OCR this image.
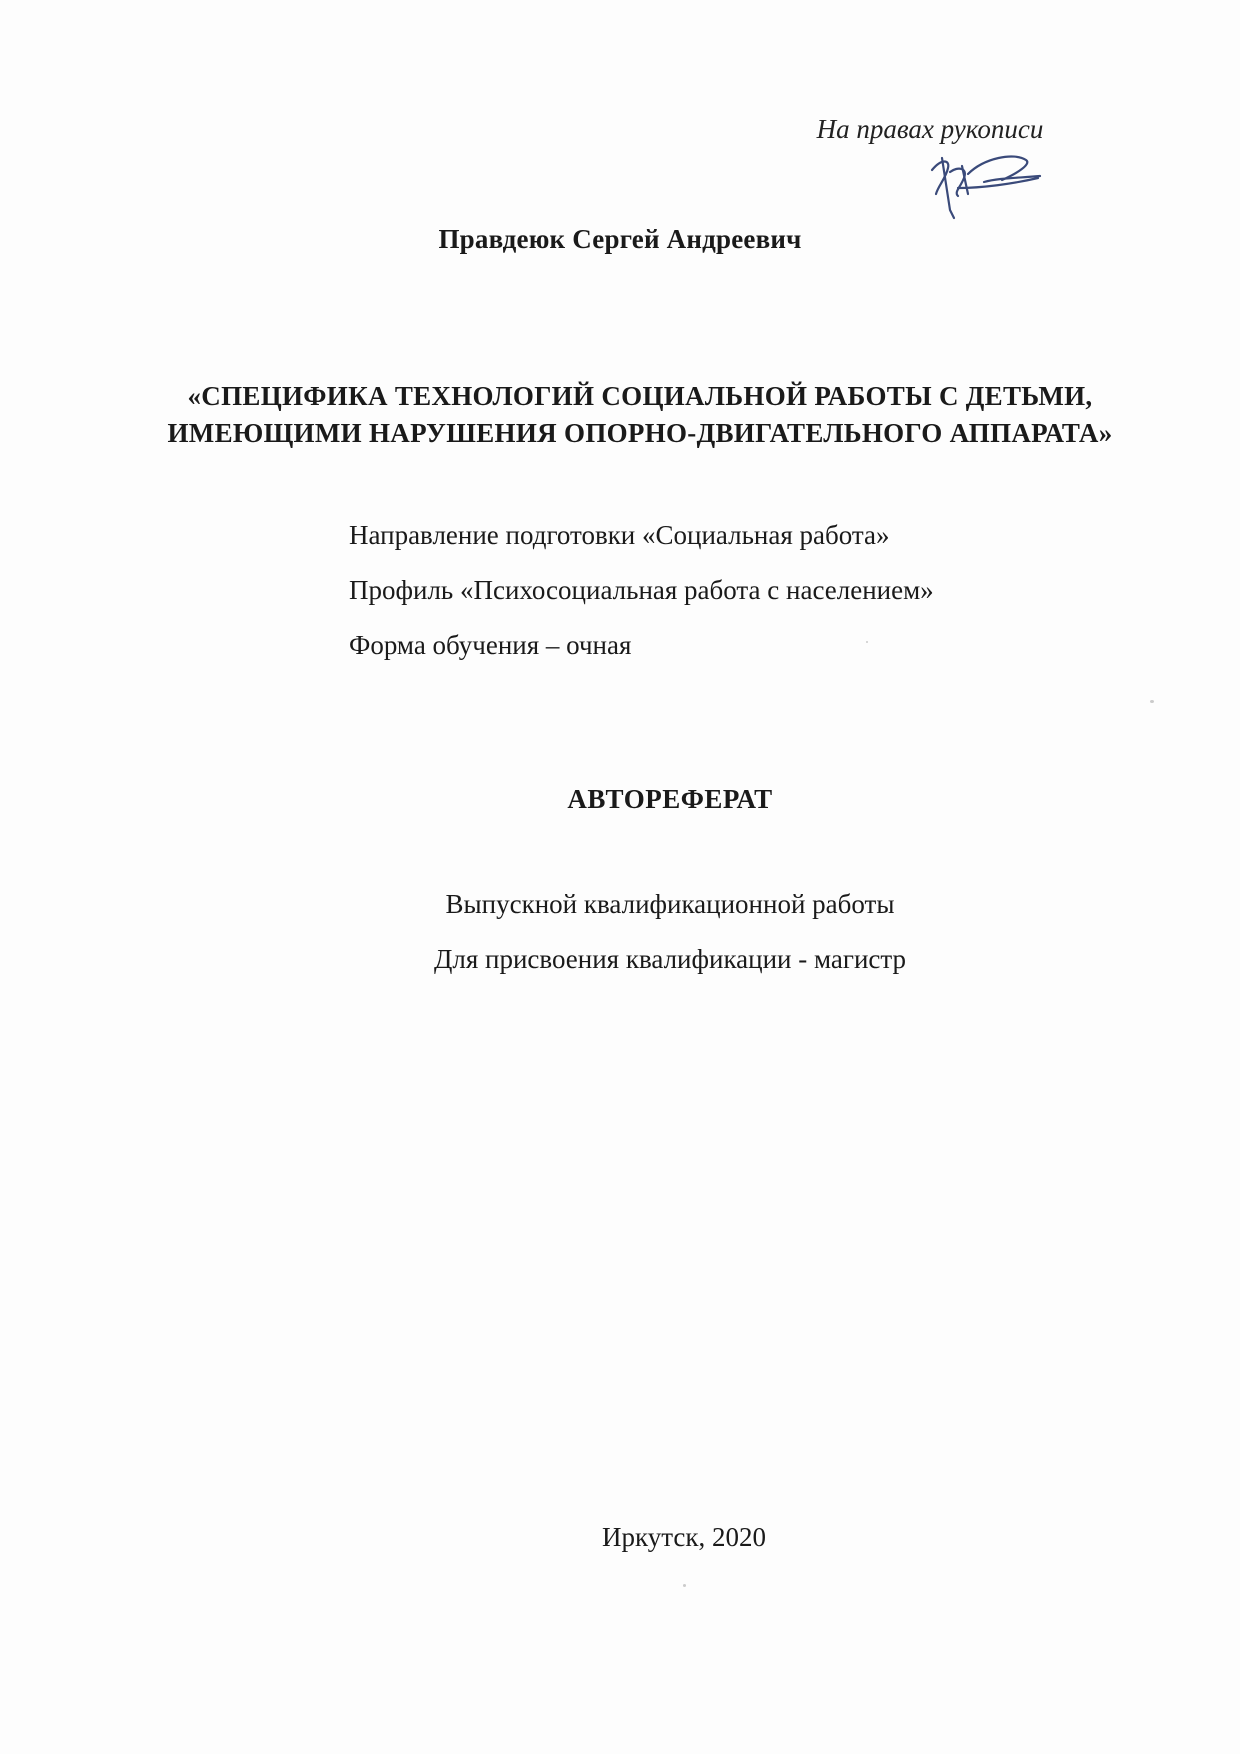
На правах рукописи
Правдеюк Сергей Андреевич
«СПЕЦИФИКА ТЕХНОЛОГИЙ СОЦИАЛЬНОЙ РАБОТЫ С ДЕТЬМИ,
ИМЕЮЩИМИ НАРУШЕНИЯ ОПОРНО-ДВИГАТЕЛЬНОГО АППАРАТА»
Направление подготовки «Социальная работа»
Профиль «Психосоциальная работа с населением»
Форма обучения – очная
АВТОРЕФЕРАТ
Выпускной квалификационной работы
Для присвоения квалификации - магистр
Иркутск, 2020
